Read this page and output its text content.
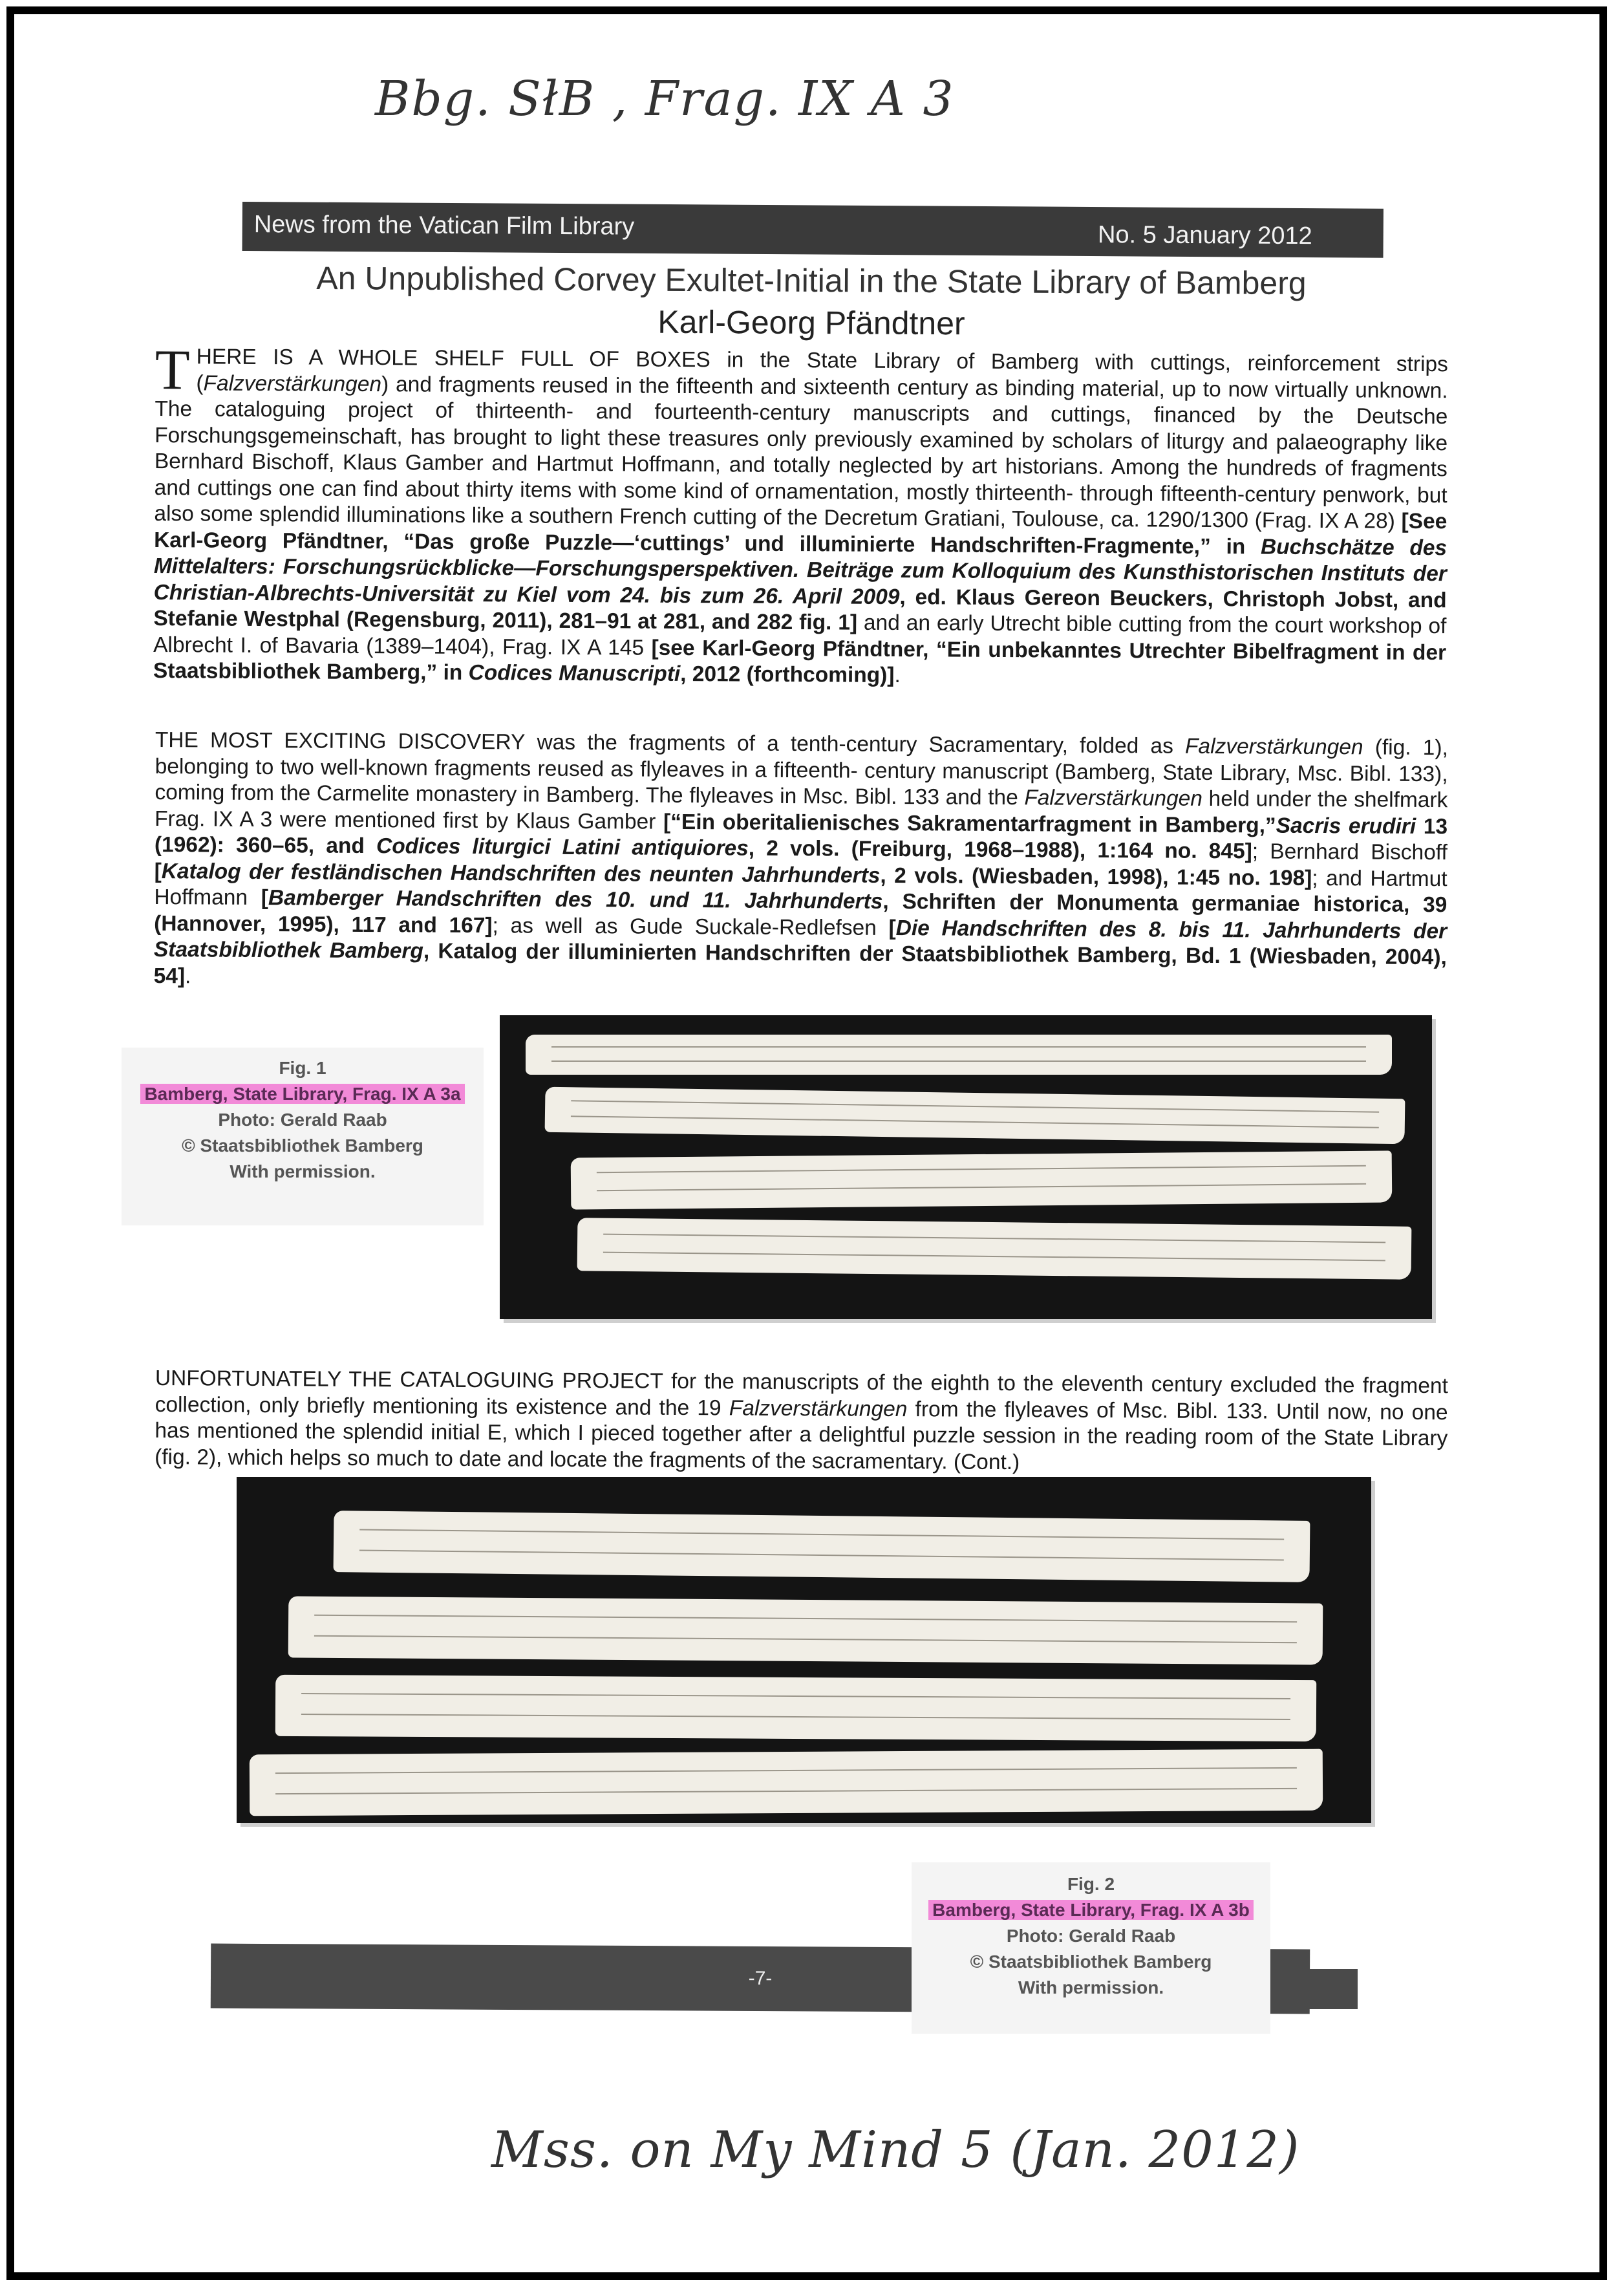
Bbg. SłB , Frag. IX A 3
News from the Vatican Film Library	No. 5 January 2012
An Unpublished Corvey Exultet-Initial in the State Library of Bamberg
Karl-Georg Pfändtner

THERE IS A WHOLE SHELF FULL OF BOXES in the State Library of Bamberg with cuttings, reinforcement strips (Falzverstärkungen) and fragments reused in the fifteenth and sixteenth century as binding material, up to now virtually unknown. The cataloguing project of thirteenth- and fourteenth-century manuscripts and cuttings, financed by the Deutsche Forschungsgemeinschaft, has brought to light these treasures only previously examined by scholars of liturgy and palaeography like Bernhard Bischoff, Klaus Gamber and Hartmut Hoffmann, and totally neglected by art historians. Among the hundreds of fragments and cuttings one can find about thirty items with some kind of ornamentation, mostly thirteenth- through fifteenth-century penwork, but also some splendid illuminations like a southern French cutting of the Decretum Gratiani, Toulouse, ca. 1290/1300 (Frag. IX A 28) [See Karl-Georg Pfändtner, “Das große Puzzle—‘cuttings’ und illuminierte Handschriften-Fragmente,” in Buchschätze des Mittelalters: Forschungsrückblicke—Forschungsperspektiven. Beiträge zum Kolloquium des Kunsthistorischen Instituts der Christian-Albrechts-Universität zu Kiel vom 24. bis zum 26. April 2009, ed. Klaus Gereon Beuckers, Christoph Jobst, and Stefanie Westphal (Regensburg, 2011), 281–91 at 281, and 282 fig. 1] and an early Utrecht bible cutting from the court workshop of Albrecht I. of Bavaria (1389–1404), Frag. IX A 145 [see Karl-Georg Pfändtner, “Ein unbekanntes Utrechter Bibelfragment in der Staatsbibliothek Bamberg,” in Codices Manuscripti, 2012 (forthcoming)].

THE MOST EXCITING DISCOVERY was the fragments of a tenth-century Sacramentary, folded as Falzverstärkungen (fig. 1), belonging to two well-known fragments reused as flyleaves in a fifteenth- century manuscript (Bamberg, State Library, Msc. Bibl. 133), coming from the Carmelite monastery in Bamberg. The flyleaves in Msc. Bibl. 133 and the Falzverstärkungen held under the shelfmark Frag. IX A 3 were mentioned first by Klaus Gamber [“Ein oberitalienisches Sakramentarfragment in Bamberg,”Sacris erudiri 13 (1962): 360–65, and Codices liturgici Latini antiquiores, 2 vols. (Freiburg, 1968–1988), 1:164 no. 845]; Bernhard Bischoff [Katalog der festländischen Handschriften des neunten Jahrhunderts, 2 vols. (Wiesbaden, 1998), 1:45 no. 198]; and Hartmut Hoffmann [Bamberger Handschriften des 10. und 11. Jahrhunderts, Schriften der Monumenta germaniae historica, 39 (Hannover, 1995), 117 and 167]; as well as Gude Suckale-Redlefsen [Die Handschriften des 8. bis 11. Jahrhunderts der Staatsbibliothek Bamberg, Katalog der illuminierten Handschriften der Staatsbibliothek Bamberg, Bd. 1 (Wiesbaden, 2004), 54].

Fig. 1
Bamberg, State Library, Frag. IX A 3a
Photo: Gerald Raab
© Staatsbibliothek Bamberg
With permission.

UNFORTUNATELY THE CATALOGUING PROJECT for the manuscripts of the eighth to the eleventh century excluded the fragment collection, only briefly mentioning its existence and the 19 Falzverstärkungen from the flyleaves of Msc. Bibl. 133. Until now, no one has mentioned the splendid initial E, which I pieced together after a delightful puzzle session in the reading room of the State Library (fig. 2), which helps so much to date and locate the fragments of the sacramentary. (Cont.)

-7-
Fig. 2
Bamberg, State Library, Frag. IX A 3b
Photo: Gerald Raab
© Staatsbibliothek Bamberg
With permission.
Mss. on My Mind 5 (Jan. 2012)
